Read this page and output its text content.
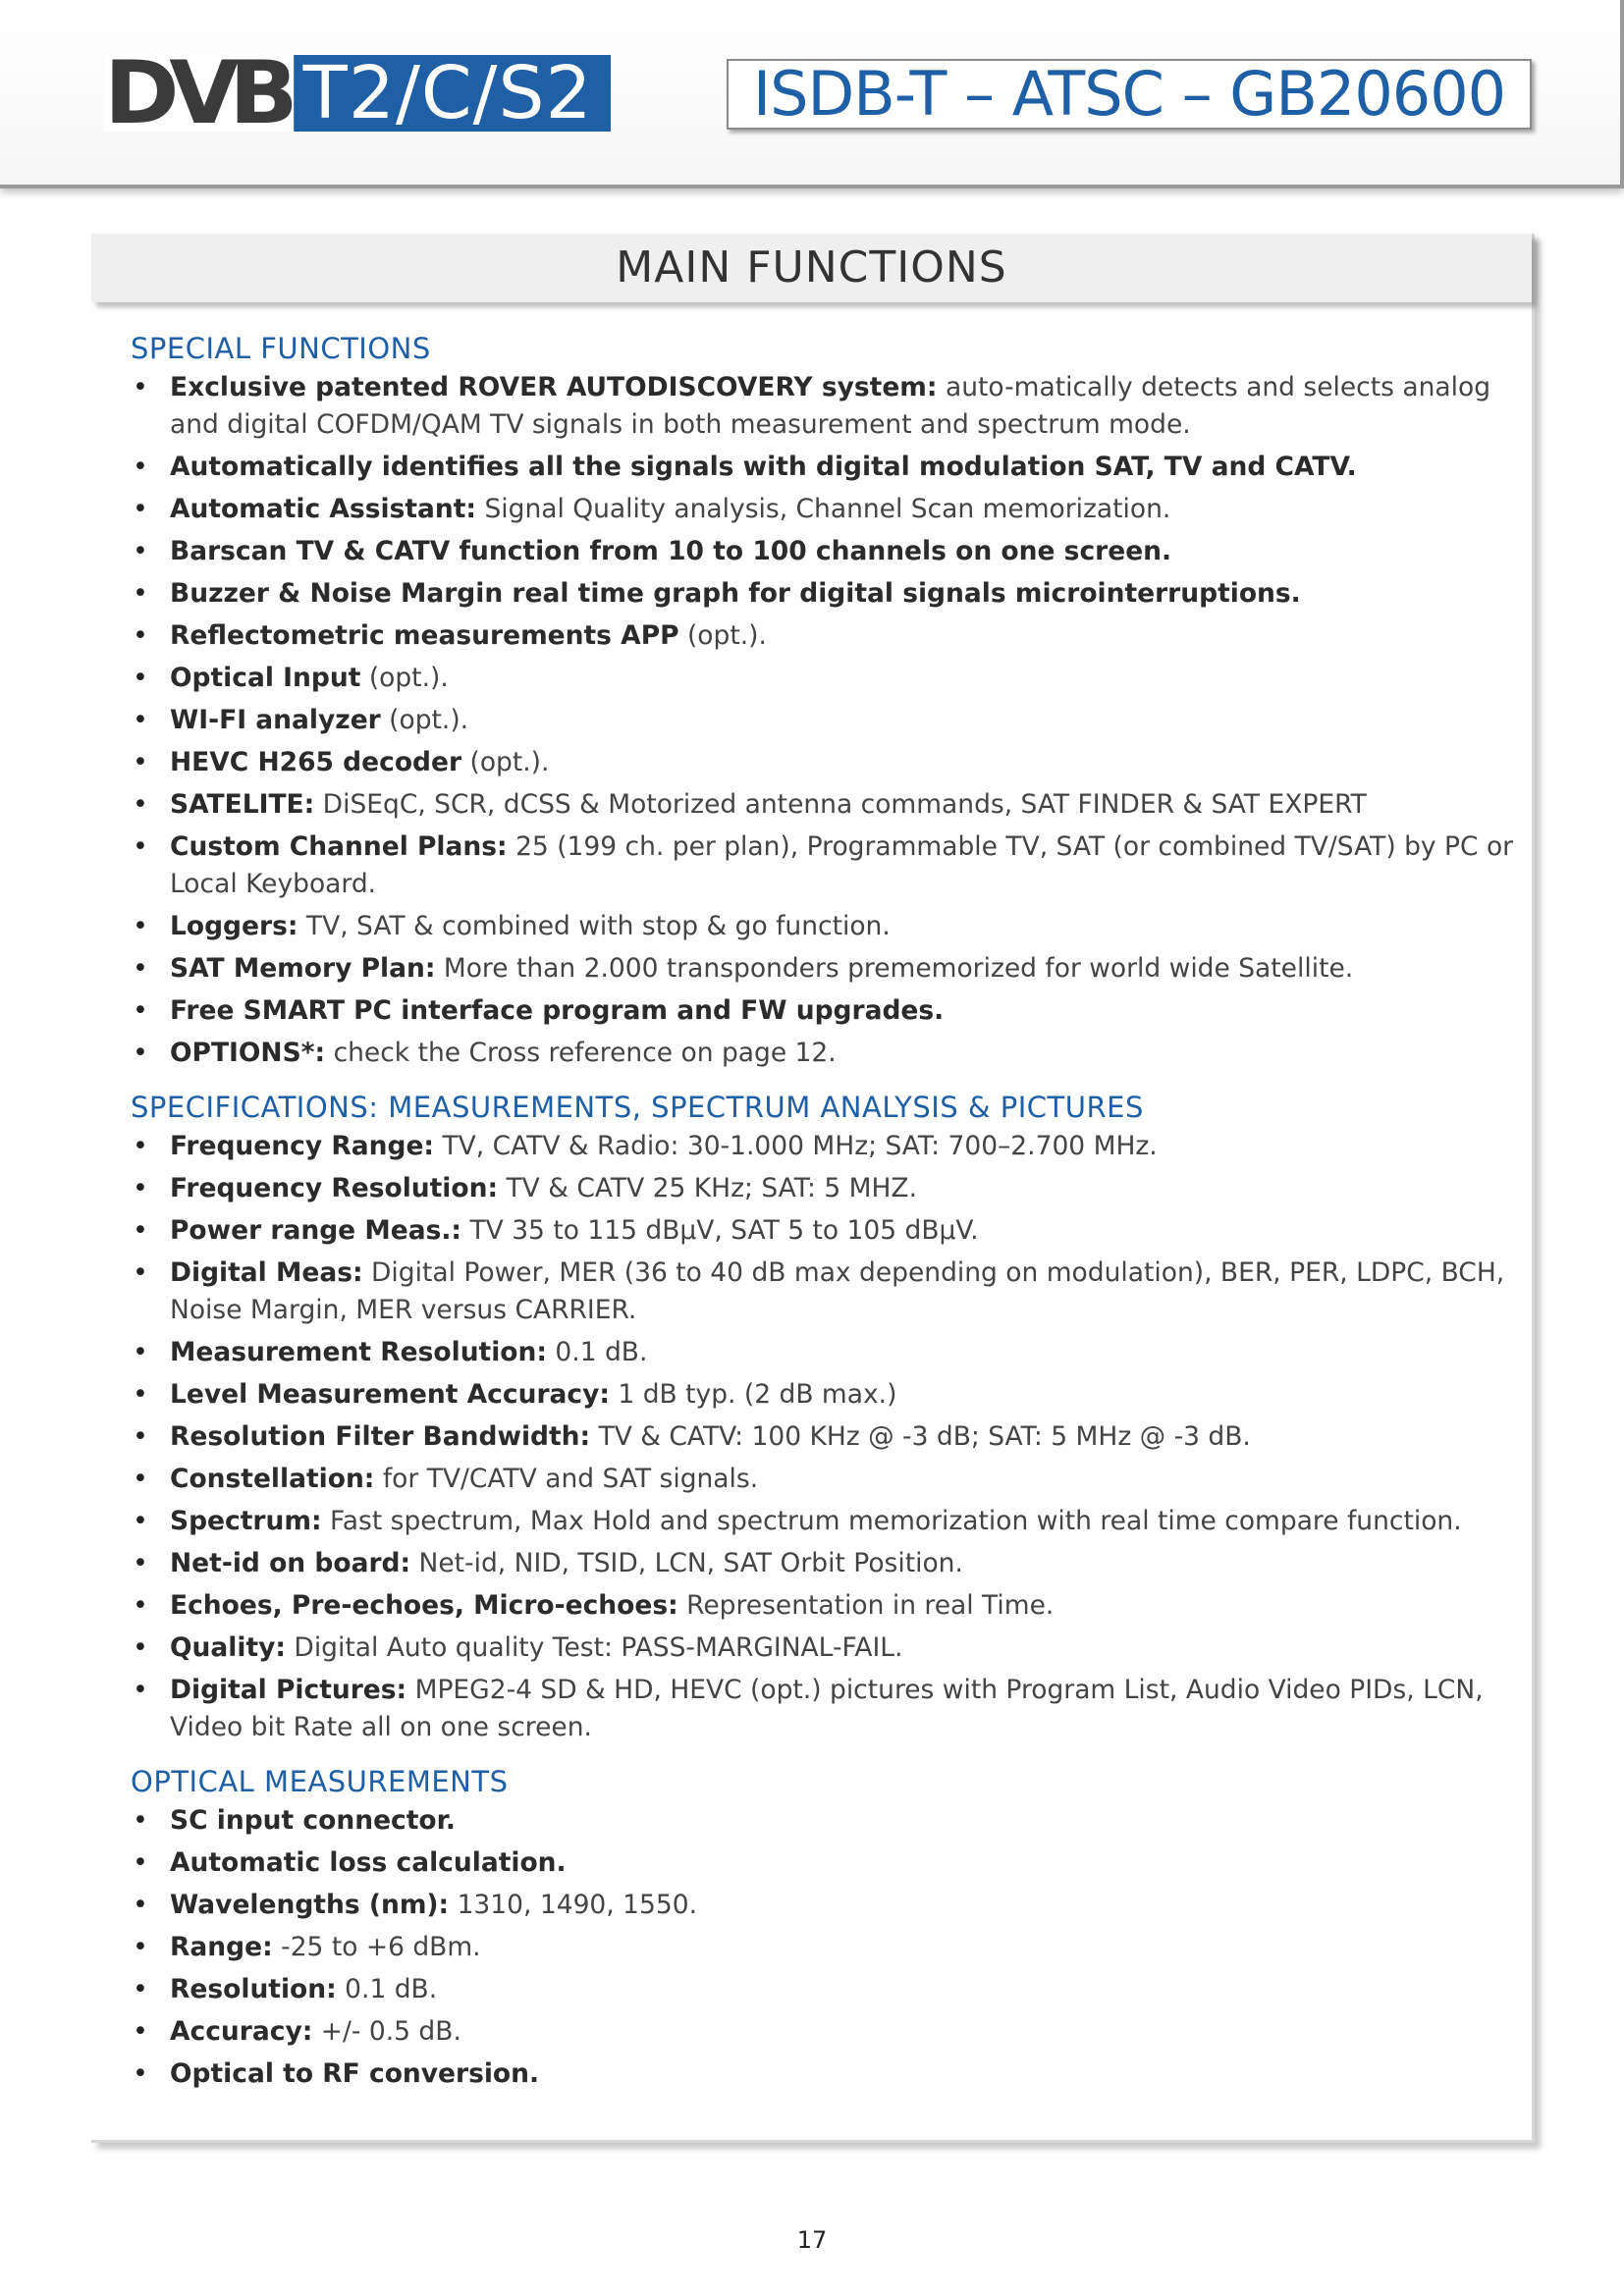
DVB T2/C/S2	ISDB-T – ATSC – GB20600
MAIN FUNCTIONS
SPECIAL FUNCTIONS
• Exclusive patented ROVER AUTODISCOVERY system: auto-matically detects and selects analog and digital COFDM/QAM TV signals in both measurement and spectrum mode.
• Automatically identifies all the signals with digital modulation SAT, TV and CATV.
• Automatic Assistant: Signal Quality analysis, Channel Scan memorization.
• Barscan TV & CATV function from 10 to 100 channels on one screen.
• Buzzer & Noise Margin real time graph for digital signals microinterruptions.
• Reflectometric measurements APP (opt.).
• Optical Input (opt.).
• WI-FI analyzer (opt.).
• HEVC H265 decoder (opt.).
• SATELITE: DiSEqC, SCR, dCSS & Motorized antenna commands, SAT FINDER & SAT EXPERT
• Custom Channel Plans: 25 (199 ch. per plan), Programmable TV, SAT (or combined TV/SAT) by PC or Local Keyboard.
• Loggers: TV, SAT & combined with stop & go function.
• SAT Memory Plan: More than 2.000 transponders prememorized for world wide Satellite.
• Free SMART PC interface program and FW upgrades.
• OPTIONS*: check the Cross reference on page 12.
SPECIFICATIONS: MEASUREMENTS, SPECTRUM ANALYSIS & PICTURES
• Frequency Range: TV, CATV & Radio: 30-1.000 MHz; SAT: 700–2.700 MHz.
• Frequency Resolution: TV & CATV 25 KHz; SAT: 5 MHZ.
• Power range Meas.: TV 35 to 115 dBμV, SAT 5 to 105 dBμV.
• Digital Meas: Digital Power, MER (36 to 40 dB max depending on modulation), BER, PER, LDPC, BCH, Noise Margin, MER versus CARRIER.
• Measurement Resolution: 0.1 dB.
• Level Measurement Accuracy: 1 dB typ. (2 dB max.)
• Resolution Filter Bandwidth: TV & CATV: 100 KHz @ -3 dB; SAT: 5 MHz @ -3 dB.
• Constellation: for TV/CATV and SAT signals.
• Spectrum: Fast spectrum, Max Hold and spectrum memorization with real time compare function.
• Net-id on board: Net-id, NID, TSID, LCN, SAT Orbit Position.
• Echoes, Pre-echoes, Micro-echoes: Representation in real Time.
• Quality: Digital Auto quality Test: PASS-MARGINAL-FAIL.
• Digital Pictures: MPEG2-4 SD & HD, HEVC (opt.) pictures with Program List, Audio Video PIDs, LCN, Video bit Rate all on one screen.
OPTICAL MEASUREMENTS
• SC input connector.
• Automatic loss calculation.
• Wavelengths (nm): 1310, 1490, 1550.
• Range: -25 to +6 dBm.
• Resolution: 0.1 dB.
• Accuracy: +/- 0.5 dB.
• Optical to RF conversion.
17
